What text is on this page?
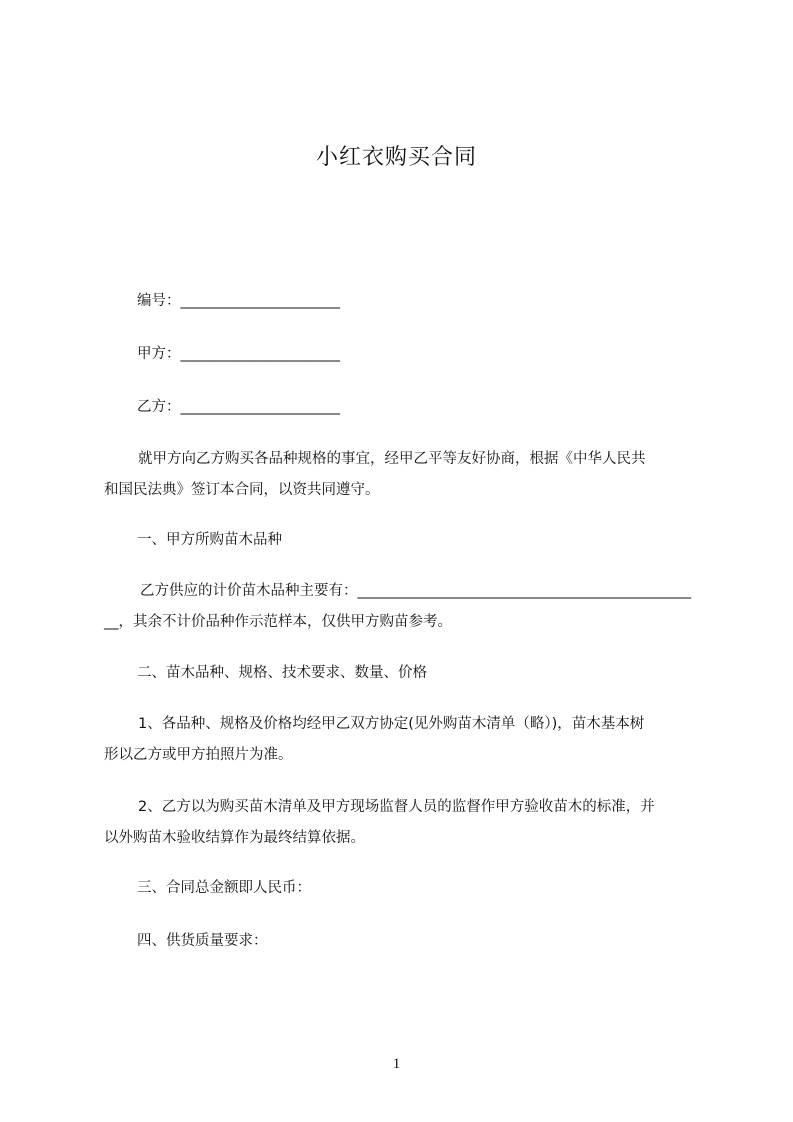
小红衣购买合同
编号：______________________
甲方：______________________
乙方：______________________
就甲方向乙方购买各品种规格的事宜，经甲乙平等友好协商，根据《中华人民共
和国民法典》签订本合同，以资共同遵守。
一、甲方所购苗木品种
乙方供应的计价苗木品种主要有：______________________________________________
__，其余不计价品种作示范样本，仅供甲方购苗参考。
二、苗木品种、规格、技术要求、数量、价格
1、各品种、规格及价格均经甲乙双方协定(见外购苗木清单（略）)，苗木基本树
形以乙方或甲方拍照片为准。
2、乙方以为购买苗木清单及甲方现场监督人员的监督作甲方验收苗木的标准，并
以外购苗木验收结算作为最终结算依据。
三、合同总金额即人民币：
四、供货质量要求：
1
